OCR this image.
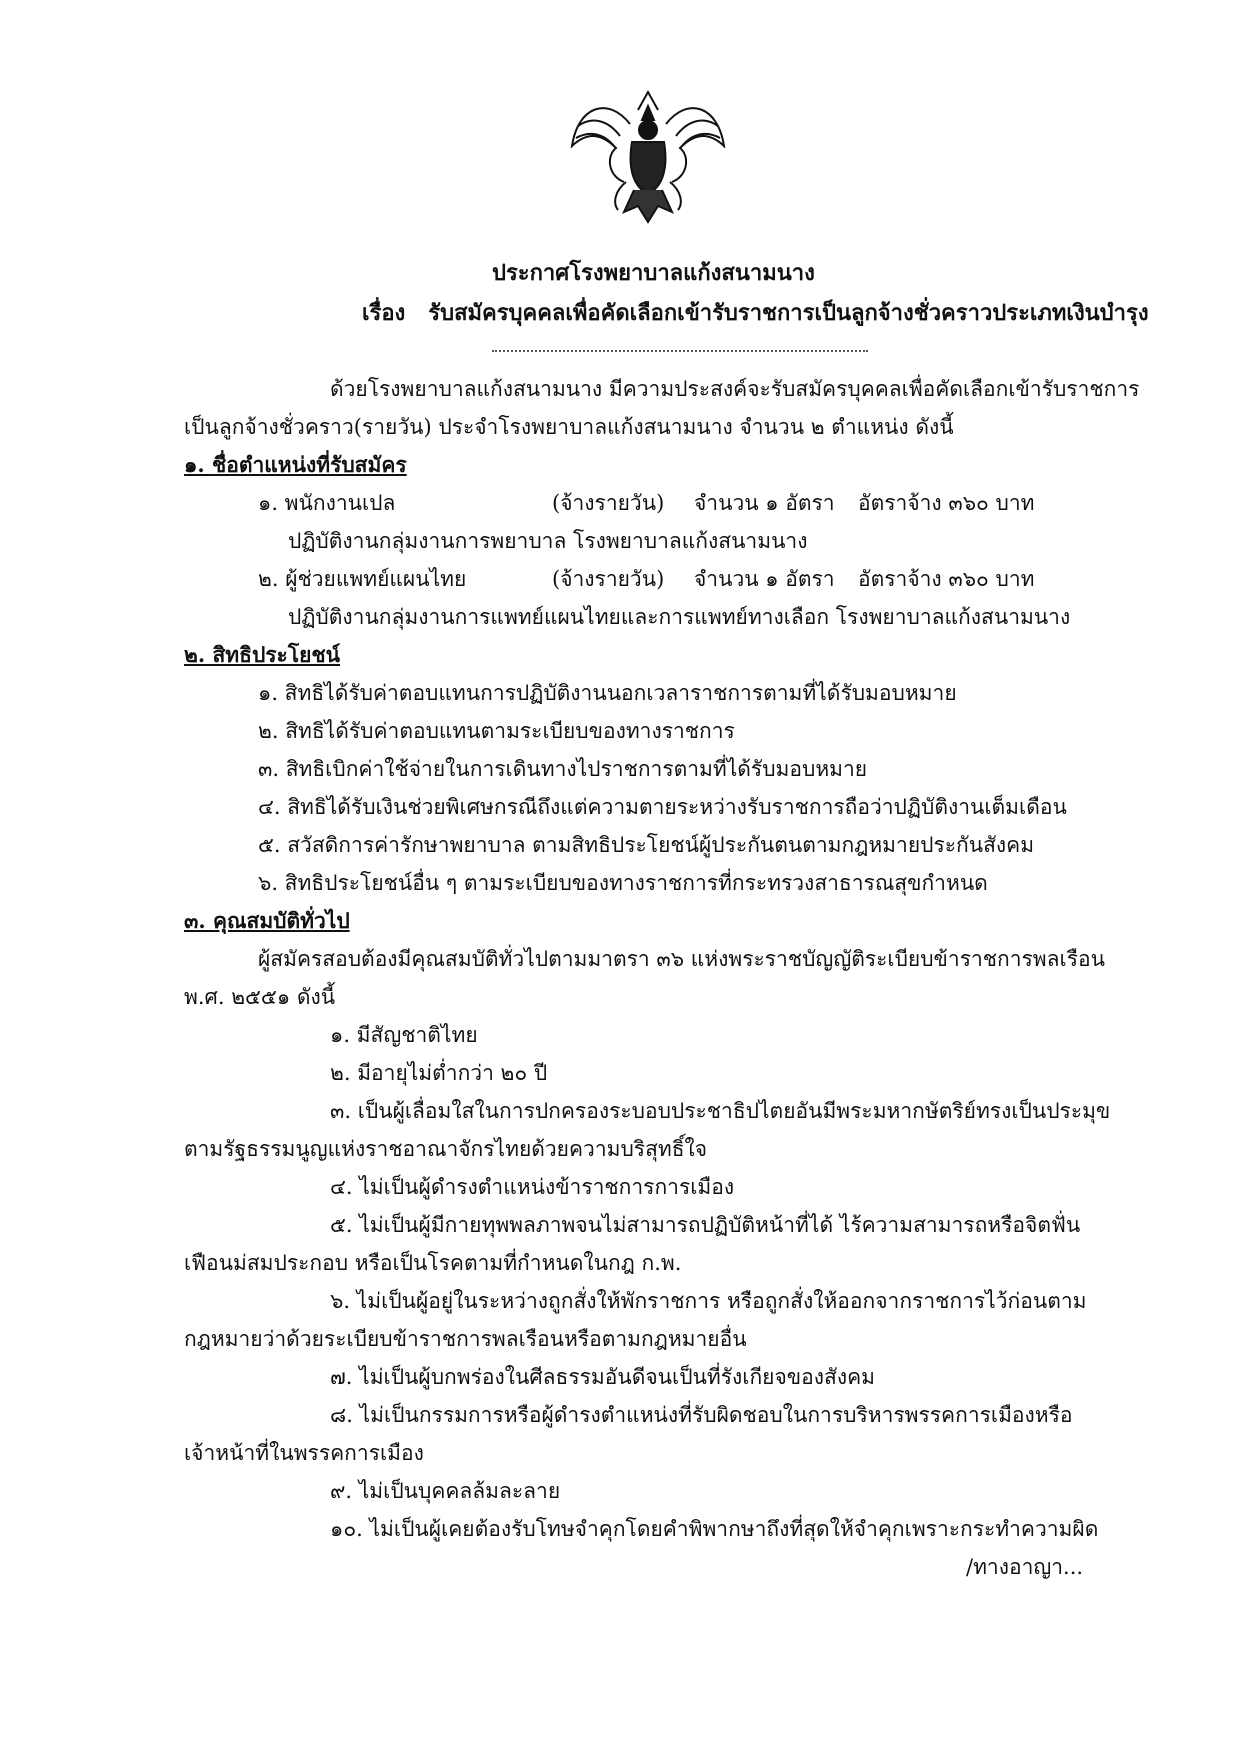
ประกาศโรงพยาบาลแก้งสนามนาง
เรื่อง รับสมัครบุคคลเพื่อคัดเลือกเข้ารับราชการเป็นลูกจ้างชั่วคราวประเภทเงินบำรุง
ด้วยโรงพยาบาลแก้งสนามนาง มีความประสงค์จะรับสมัครบุคคลเพื่อคัดเลือกเข้ารับราชการ
เป็นลูกจ้างชั่วคราว(รายวัน) ประจำโรงพยาบาลแก้งสนามนาง จำนวน ๒ ตำแหน่ง ดังนี้
๑. ชื่อตำแหน่งที่รับสมัคร
๑. พนักงานเปล	(จ้างรายวัน) จำนวน ๑ อัตรา อัตราจ้าง ๓๖๐ บาท
ปฏิบัติงานกลุ่มงานการพยาบาล โรงพยาบาลแก้งสนามนาง
๒. ผู้ช่วยแพทย์แผนไทย	(จ้างรายวัน) จำนวน ๑ อัตรา อัตราจ้าง ๓๖๐ บาท
ปฏิบัติงานกลุ่มงานการแพทย์แผนไทยและการแพทย์ทางเลือก โรงพยาบาลแก้งสนามนาง
๒. สิทธิประโยชน์
๑. สิทธิได้รับค่าตอบแทนการปฏิบัติงานนอกเวลาราชการตามที่ได้รับมอบหมาย
๒. สิทธิได้รับค่าตอบแทนตามระเบียบของทางราชการ
๓. สิทธิเบิกค่าใช้จ่ายในการเดินทางไปราชการตามที่ได้รับมอบหมาย
๔. สิทธิได้รับเงินช่วยพิเศษกรณีถึงแต่ความตายระหว่างรับราชการถือว่าปฏิบัติงานเต็มเดือน
๕. สวัสดิการค่ารักษาพยาบาล ตามสิทธิประโยชน์ผู้ประกันตนตามกฎหมายประกันสังคม
๖. สิทธิประโยชน์อื่น ๆ ตามระเบียบของทางราชการที่กระทรวงสาธารณสุขกำหนด
๓. คุณสมบัติทั่วไป
ผู้สมัครสอบต้องมีคุณสมบัติทั่วไปตามมาตรา ๓๖ แห่งพระราชบัญญัติระเบียบข้าราชการพลเรือน
พ.ศ. ๒๕๕๑ ดังนี้
๑. มีสัญชาติไทย
๒. มีอายุไม่ต่ำกว่า ๒๐ ปี
๓. เป็นผู้เลื่อมใสในการปกครองระบอบประชาธิปไตยอันมีพระมหากษัตริย์ทรงเป็นประมุข
ตามรัฐธรรมนูญแห่งราชอาณาจักรไทยด้วยความบริสุทธิ์ใจ
๔. ไม่เป็นผู้ดำรงตำแหน่งข้าราชการการเมือง
๕. ไม่เป็นผู้มีกายทุพพลภาพจนไม่สามารถปฏิบัติหน้าที่ได้ ไร้ความสามารถหรือจิตฟั่น
เฟือนม่สมประกอบ หรือเป็นโรคตามที่กำหนดในกฎ ก.พ.
๖. ไม่เป็นผู้อยู่ในระหว่างถูกสั่งให้พักราชการ หรือถูกสั่งให้ออกจากราชการไว้ก่อนตาม
กฎหมายว่าด้วยระเบียบข้าราชการพลเรือนหรือตามกฎหมายอื่น
๗. ไม่เป็นผู้บกพร่องในศีลธรรมอันดีจนเป็นที่รังเกียจของสังคม
๘. ไม่เป็นกรรมการหรือผู้ดำรงตำแหน่งที่รับผิดชอบในการบริหารพรรคการเมืองหรือ
เจ้าหน้าที่ในพรรคการเมือง
๙. ไม่เป็นบุคคลล้มละลาย
๑๐. ไม่เป็นผู้เคยต้องรับโทษจำคุกโดยคำพิพากษาถึงที่สุดให้จำคุกเพราะกระทำความผิด
/ทางอาญา...
